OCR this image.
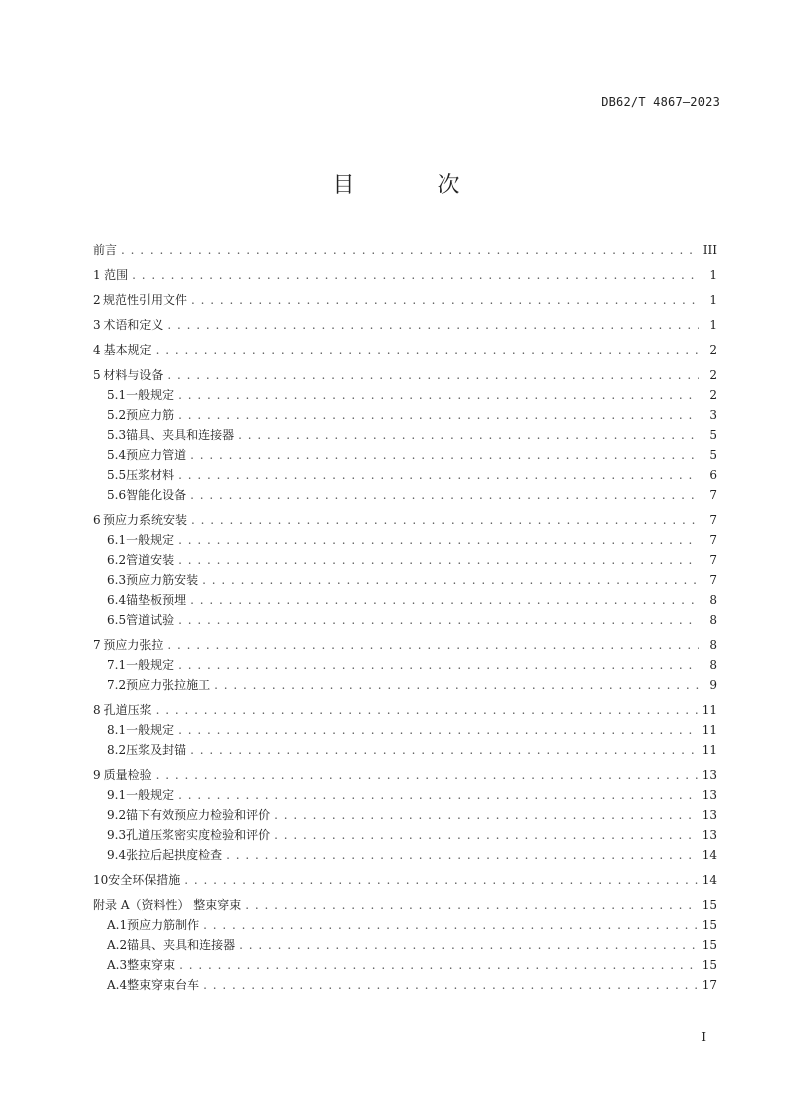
DB62/T 4867—2023
目 次
前言 . . .	III
1 范围 . . .	1
2 规范性引用文件 . . .	1
3 术语和定义 . . .	1
4 基本规定 . . .	2
5 材料与设备 . . .	2
5.1 一般规定 . . .	2
5.2 预应力筋 . . .	3
5.3 锚具、夹具和连接器 . . .	5
5.4 预应力管道 . . .	5
5.5 压浆材料 . . .	6
5.6 智能化设备 . . .	7
6 预应力系统安装 . . .	7
6.1 一般规定 . . .	7
6.2 管道安装 . . .	7
6.3 预应力筋安装 . . .	7
6.4 锚垫板预埋 . . .	8
6.5 管道试验 . . .	8
7 预应力张拉 . . .	8
7.1 一般规定 . . .	8
7.2 预应力张拉施工 . . .	9
8 孔道压浆 . . .	11
8.1 一般规定 . . .	11
8.2 压浆及封锚 . . .	11
9 质量检验 . . .	13
9.1 一般规定 . . .	13
9.2 锚下有效预应力检验和评价 . . .	13
9.3 孔道压浆密实度检验和评价 . . .	13
9.4 张拉后起拱度检查 . . .	14
10 安全环保措施 . . .	14
附录 A（资料性） 整束穿束 . . .	15
A.1 预应力筋制作 . . .	15
A.2 锚具、夹具和连接器 . . .	15
A.3 整束穿束 . . .	15
A.4 整束穿束台车 . . .	17
I
